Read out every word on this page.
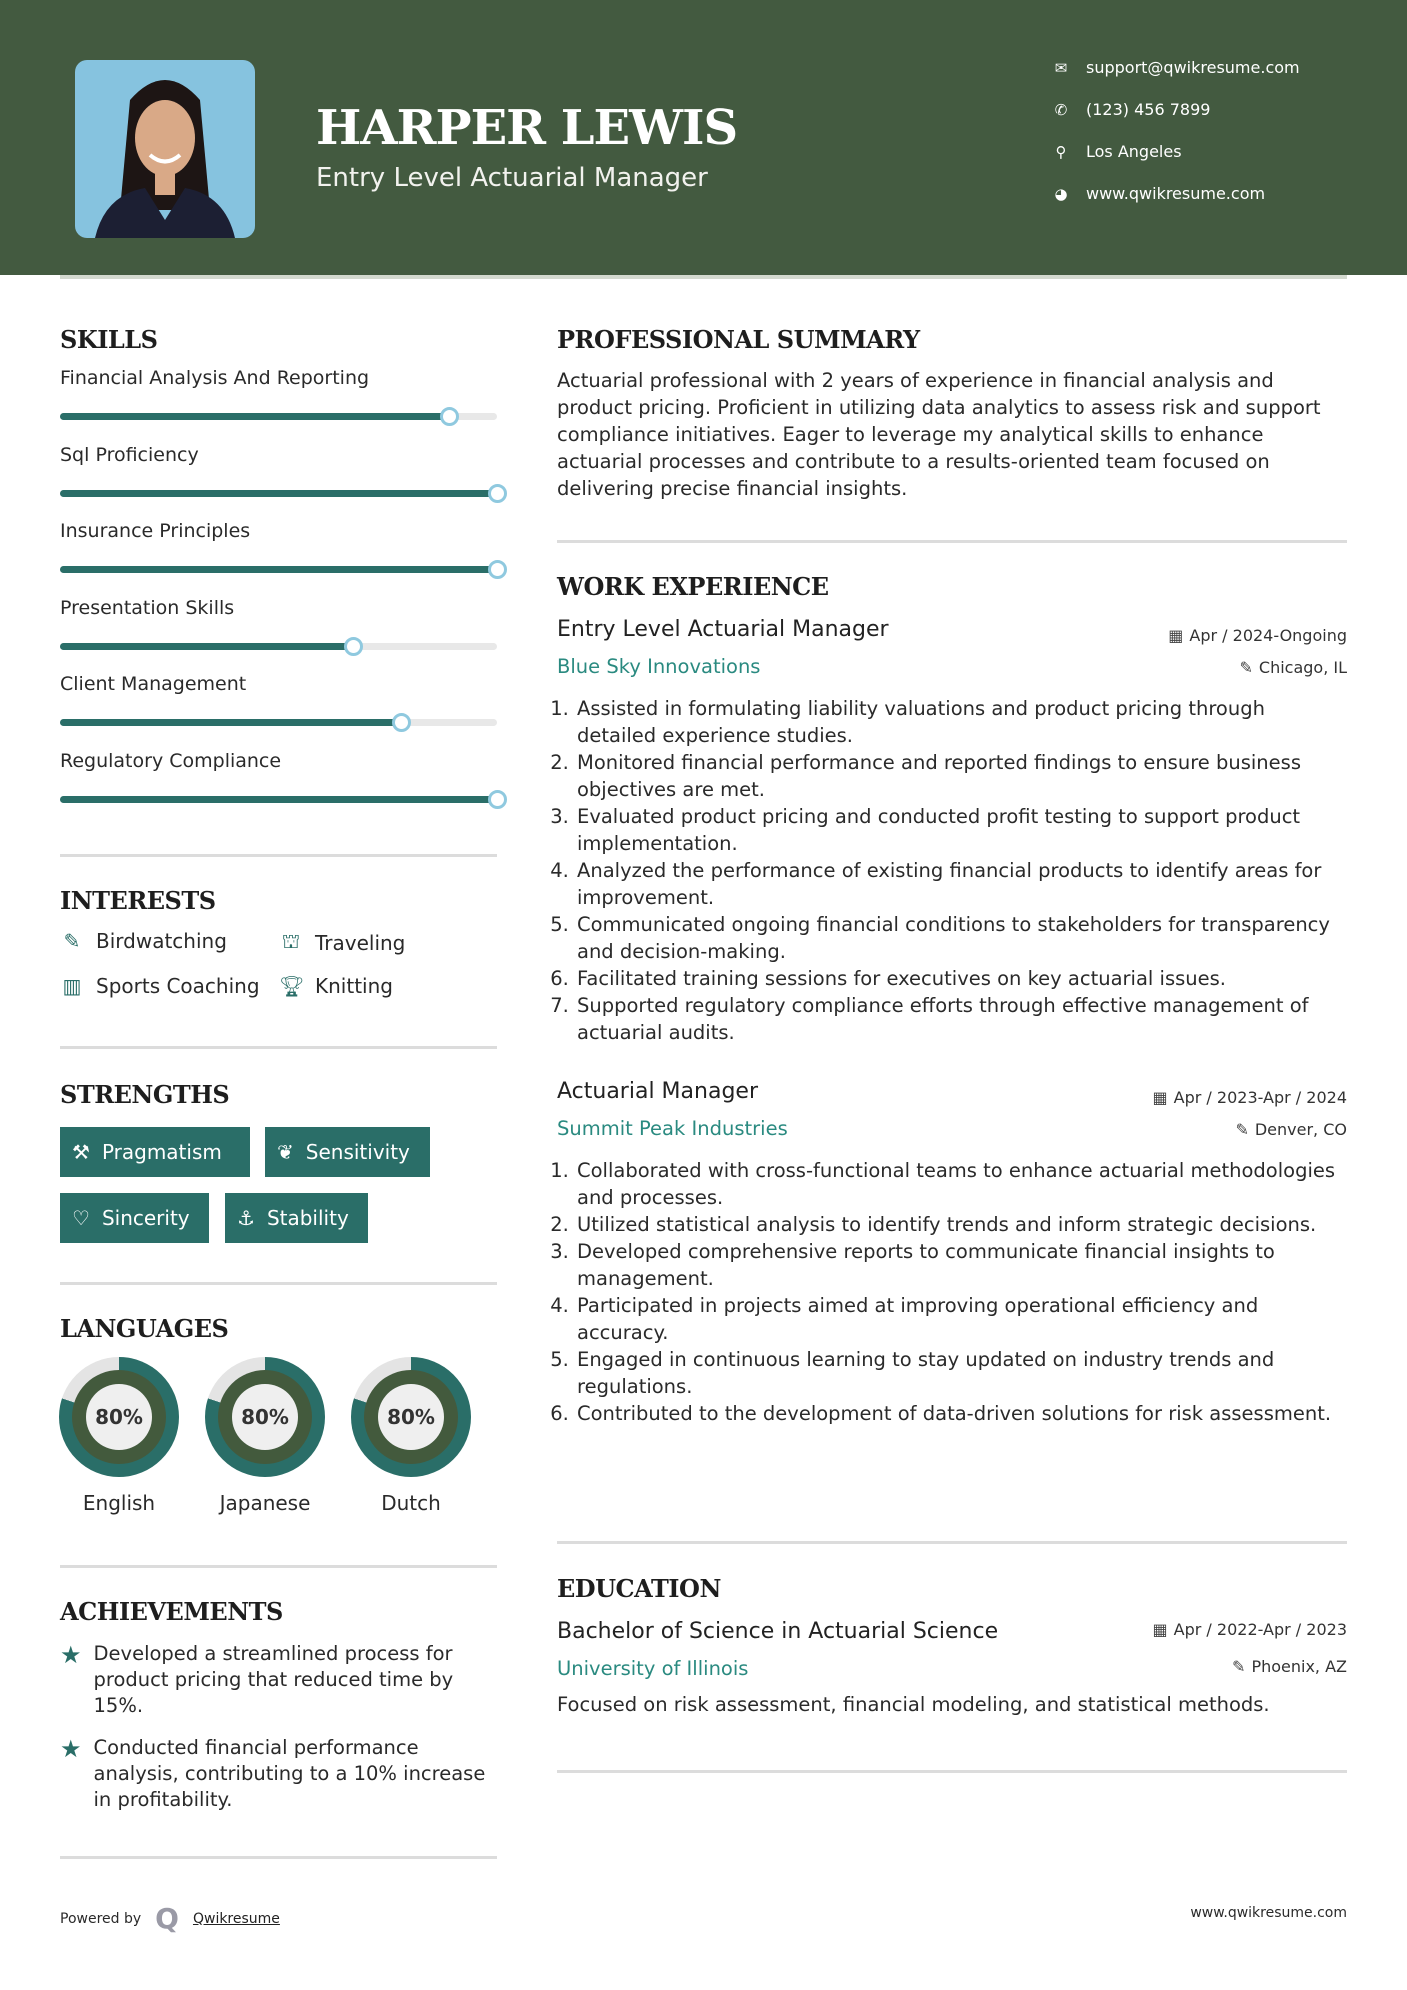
HARPER LEWIS
Entry Level Actuarial Manager
✉ support@qwikresume.com
✆ (123) 456 7899
⚲ Los Angeles
◕ www.qwikresume.com
SKILLS
Financial Analysis And Reporting
Sql Proficiency
Insurance Principles
Presentation Skills
Client Management
Regulatory Compliance
INTERESTS
✎ Birdwatching	⛫ Traveling
▥ Sports Coaching 🏆︎ Knitting
STRENGTHS
⚒ Pragmatism	❦ Sensitivity
♡ Sincerity ⚓ Stability
LANGUAGES
80%
English
80%
Japanese
80%
Dutch
ACHIEVEMENTS
★ Developed a streamlined process for product pricing that reduced time by 15%.
★ Conducted financial performance analysis, contributing to a 10% increase in profitability.
PROFESSIONAL SUMMARY

Actuarial professional with 2 years of experience in financial analysis and product pricing. Proficient in utilizing data analytics to assess risk and support compliance initiatives. Eager to leverage my analytical skills to enhance actuarial processes and contribute to a results-oriented team focused on delivering precise financial insights.

WORK EXPERIENCE
Entry Level Actuarial Manager	▦ Apr / 2024-Ongoing
Blue Sky Innovations	✎ Chicago, IL
1. Assisted in formulating liability valuations and product pricing through detailed experience studies.
2. Monitored financial performance and reported findings to ensure business objectives are met.
3. Evaluated product pricing and conducted profit testing to support product implementation.
4. Analyzed the performance of existing financial products to identify areas for improvement.
5. Communicated ongoing financial conditions to stakeholders for transparency and decision-making.
6. Facilitated training sessions for executives on key actuarial issues.
7. Supported regulatory compliance efforts through effective management of actuarial audits.
Actuarial Manager	▦ Apr / 2023-Apr / 2024
Summit Peak Industries	✎ Denver, CO
1. Collaborated with cross-functional teams to enhance actuarial methodologies and processes.
2. Utilized statistical analysis to identify trends and inform strategic decisions.
3. Developed comprehensive reports to communicate financial insights to management.
4. Participated in projects aimed at improving operational efficiency and accuracy.
5. Engaged in continuous learning to stay updated on industry trends and regulations.
6. Contributed to the development of data-driven solutions for risk assessment.
EDUCATION
Bachelor of Science in Actuarial Science	▦ Apr / 2022-Apr / 2023
University of Illinois	✎ Phoenix, AZ

Focused on risk assessment, financial modeling, and statistical methods.

Powered by Q Qwikresume	www.qwikresume.com
